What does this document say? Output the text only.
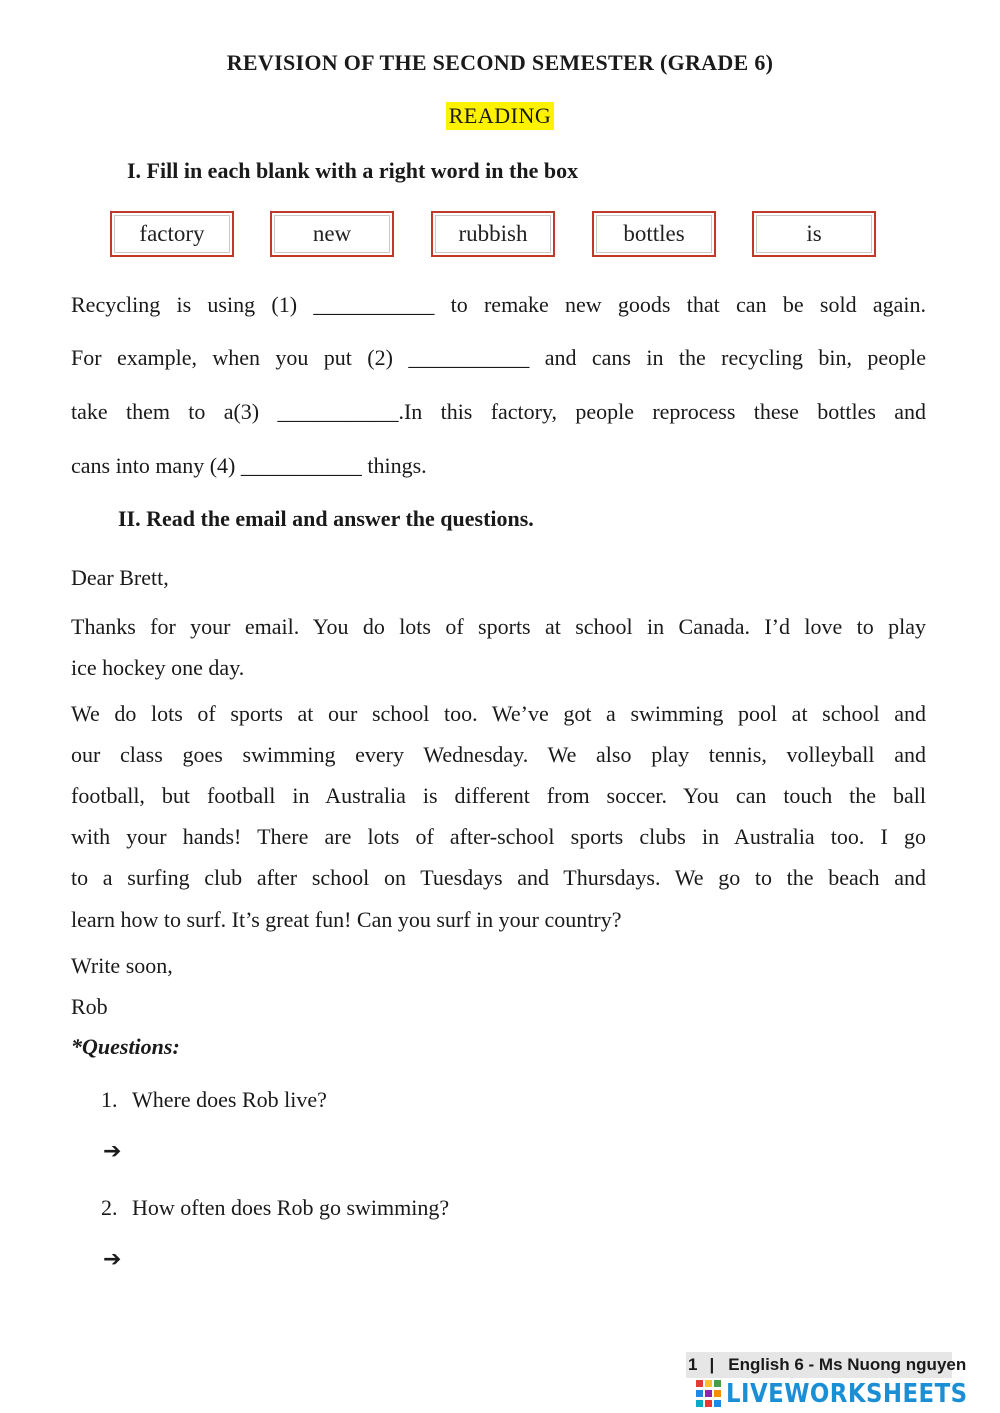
REVISION OF THE SECOND SEMESTER (GRADE 6)
READING
I. Fill in each blank with a right word in the box
factory	new	rubbish	bottles	is
Recycling is using (1) ___________ to remake new goods that can be sold again.
For example, when you put (2) ___________ and cans in the recycling bin, people
take them to a(3) ___________.In this factory, people reprocess these bottles and
cans into many (4) ___________ things.
II. Read the email and answer the questions.
Dear Brett,
Thanks for your email. You do lots of sports at school in Canada. I’d love to play
ice hockey one day.
We do lots of sports at our school too. We’ve got a swimming pool at school and
our class goes swimming every Wednesday. We also play tennis, volleyball and
football, but football in Australia is different from soccer. You can touch the ball
with your hands! There are lots of after-school sports clubs in Australia too. I go
to a surfing club after school on Tuesdays and Thursdays. We go to the beach and
learn how to surf. It’s great fun! Can you surf in your country?
Write soon,
Rob
*Questions:
1. Where does Rob live?
➔
2. How often does Rob go swimming?
➔
1 | English 6 - Ms Nuong nguyen
LIVEWORKSHEETS
